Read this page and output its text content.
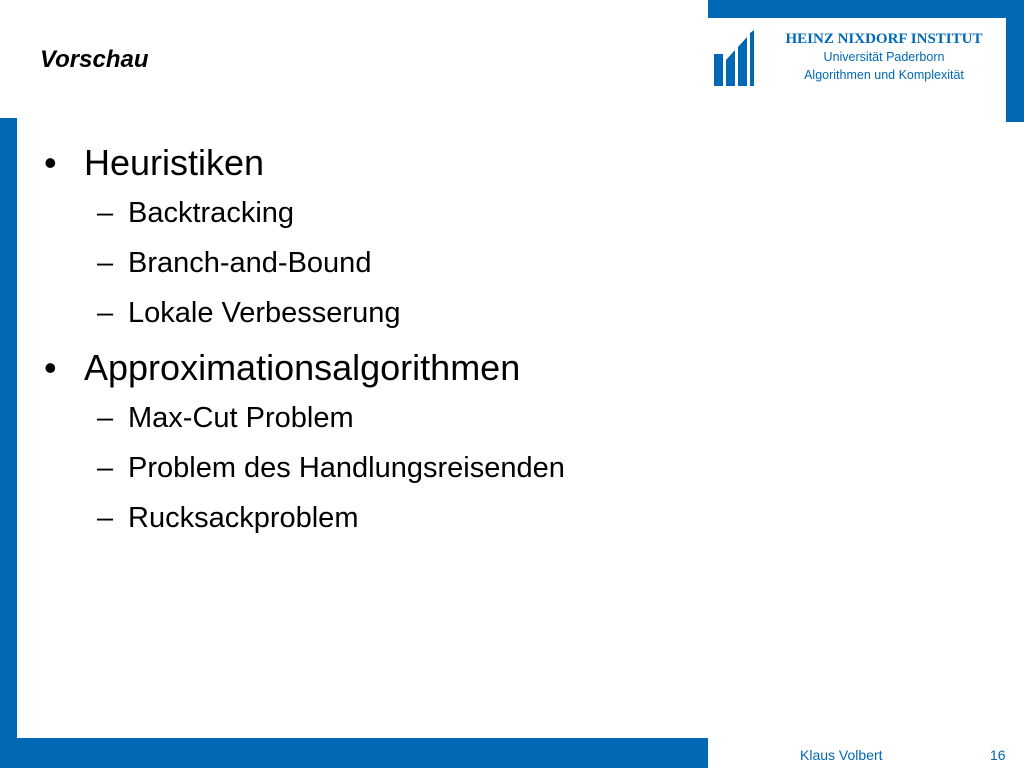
Vorschau
HEINZ NIXDORF INSTITUT
Universität Paderborn
Algorithmen und Komplexität
• Heuristiken
– Backtracking
– Branch-and-Bound
– Lokale Verbesserung
• Approximationsalgorithmen
– Max-Cut Problem
– Problem des Handlungsreisenden
– Rucksackproblem
Klaus Volbert	16
